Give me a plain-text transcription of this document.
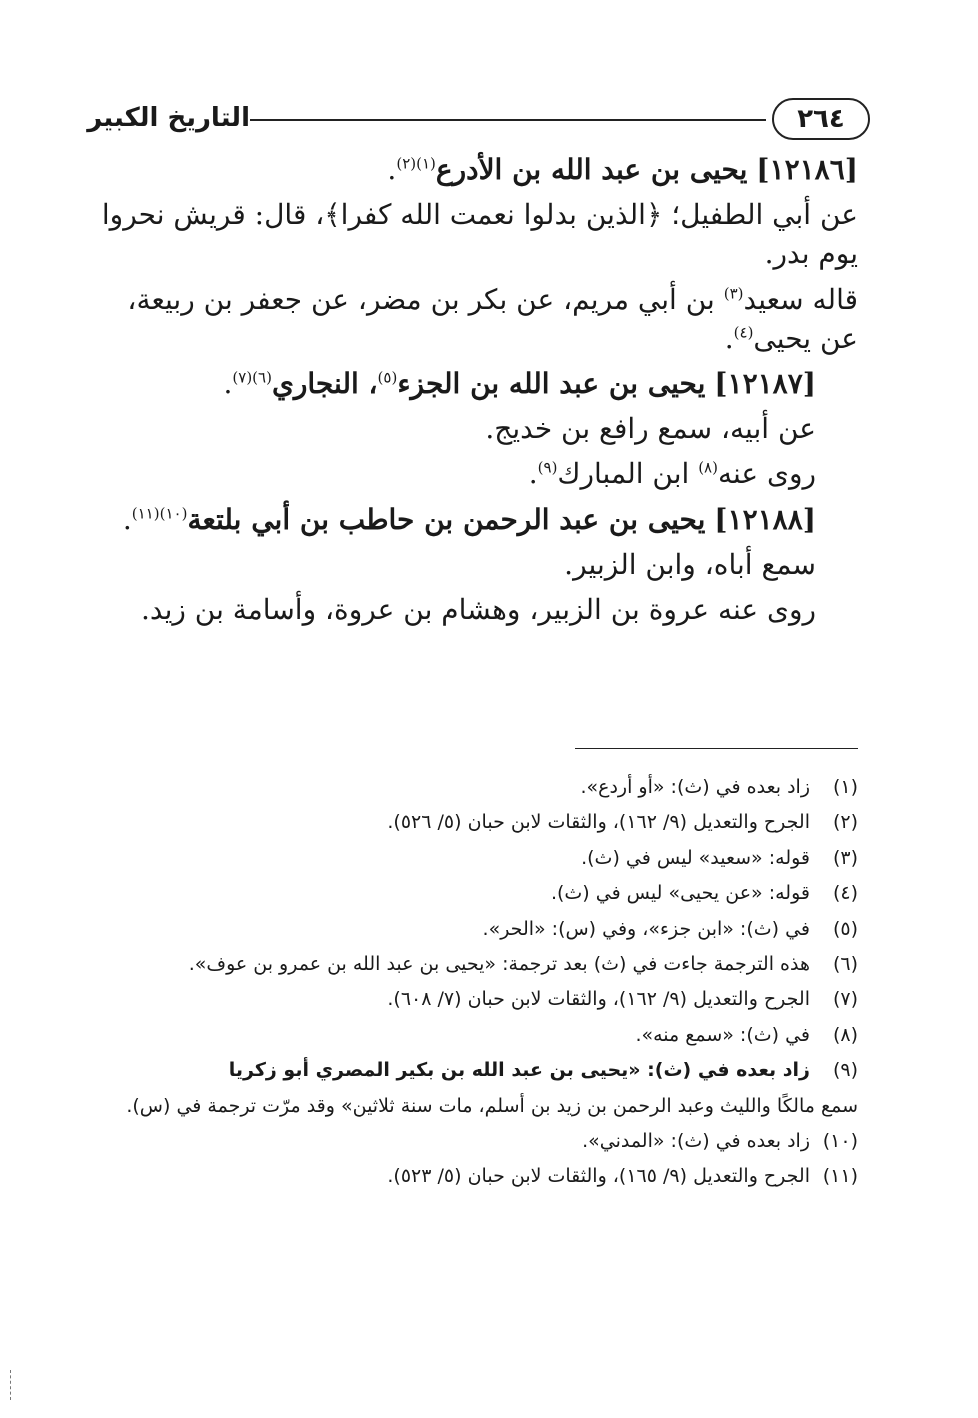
٢٦٤
التاريخ الكبير

[١٢١٨٦] يحيى بن عبد الله بن الأدرع$^{(١)(٢)}$.

عن أبي الطفيل؛ ﴿الذين بدلوا نعمت الله كفرا﴾، قال: قريش نحروا يوم بدر.

قاله سعيد$^{(٣)}$ بن أبي مريم، عن بكر بن مضر، عن جعفر بن ربيعة، عن يحيى$^{(٤)}$.

[١٢١٨٧] يحيى بن عبد الله بن الجزء$^{(٥)}$، النجاري$^{(٦)(٧)}$.

عن أبيه، سمع رافع بن خديج.

روى عنه$^{(٨)}$ ابن المبارك$^{(٩)}$.

[١٢١٨٨] يحيى بن عبد الرحمن بن حاطب بن أبي بلتعة$^{(١٠)(١١)}$.

سمع أباه، وابن الزبير.

روى عنه عروة بن الزبير، وهشام بن عروة، وأسامة بن زيد.

(١)
زاد بعده في (ث): «أو أردع».
(٢)
الجرح والتعديل (٩/ ١٦٢)، والثقات لابن حبان (٥/ ٥٢٦).
(٣)
قوله: «سعيد» ليس في (ث).
(٤)
قوله: «عن يحيى» ليس في (ث).
(٥)
في (ث): «ابن جزء»، وفي (س): «الحر».
(٦)
هذه الترجمة جاءت في (ث) بعد ترجمة: «يحيى بن عبد الله بن عمرو بن عوف».
(٧)
الجرح والتعديل (٩/ ١٦٢)، والثقات لابن حبان (٧/ ٦٠٨).
(٨)
في (ث): «سمع منه».
(٩)
زاد بعده في (ث): «يحيى بن عبد الله بن بكير المصري أبو زكريا
سمع مالكًا والليث وعبد الرحمن بن زيد بن أسلم، مات سنة ثلاثين» وقد مرّت ترجمة في (س).
(١٠)
زاد بعده في (ث): «المدني».
(١١)
الجرح والتعديل (٩/ ١٦٥)، والثقات لابن حبان (٥/ ٥٢٣).
